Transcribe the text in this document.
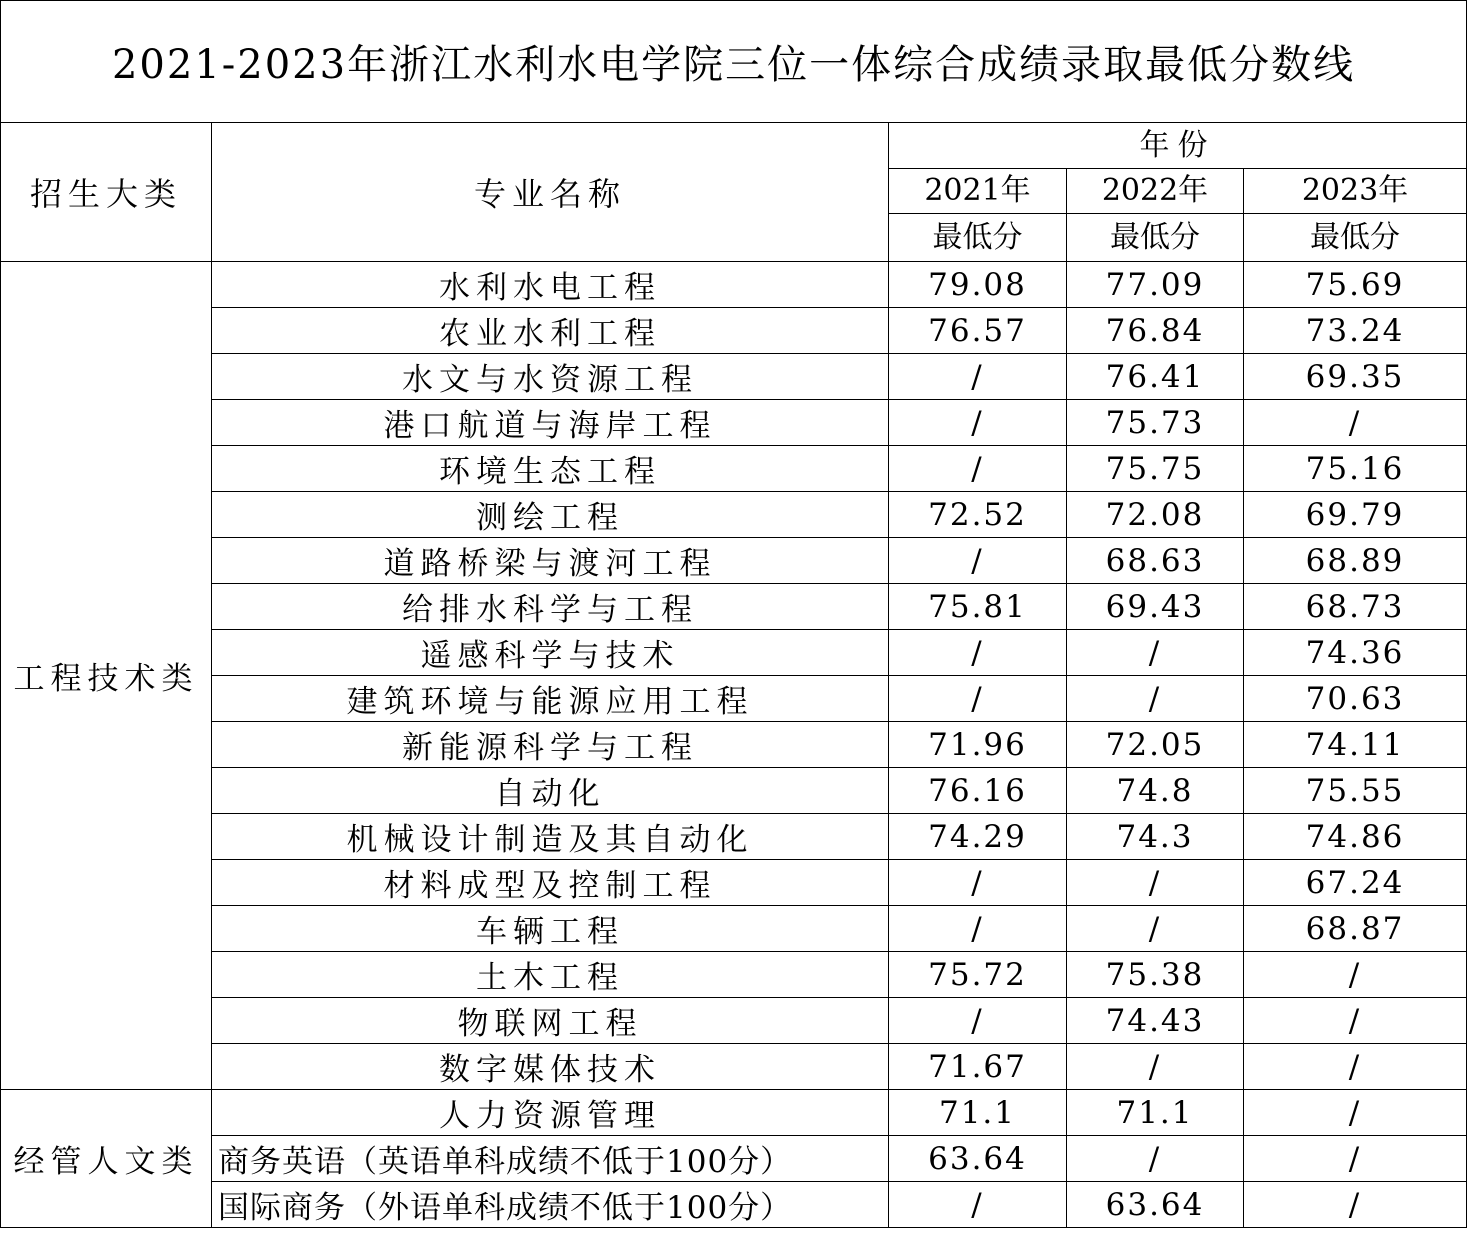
2021-2023年浙江水利水电学院三位一体综合成绩录取最低分数线				
招生大类	专业名称	年份		
		2021年	2022年	2023年
		最低分	最低分	最低分
工程技术类	水利水电工程	79.08	77.09	75.69
	农业水利工程	76.57	76.84	73.24
	水文与水资源工程	/	76.41	69.35
	港口航道与海岸工程	/	75.73	/
	环境生态工程	/	75.75	75.16
	测绘工程	72.52	72.08	69.79
	道路桥梁与渡河工程	/	68.63	68.89
	给排水科学与工程	75.81	69.43	68.73
	遥感科学与技术	/	/	74.36
	建筑环境与能源应用工程	/	/	70.63
	新能源科学与工程	71.96	72.05	74.11
	自动化	76.16	74.8	75.55
	机械设计制造及其自动化	74.29	74.3	74.86
	材料成型及控制工程	/	/	67.24
	车辆工程	/	/	68.87
	土木工程	75.72	75.38	/
	物联网工程	/	74.43	/
	数字媒体技术	71.67	/	/
经管人文类	人力资源管理	71.1	71.1	/
	商务英语（英语单科成绩不低于100分）	63.64	/	/
	国际商务（外语单科成绩不低于100分）	/	63.64	/
